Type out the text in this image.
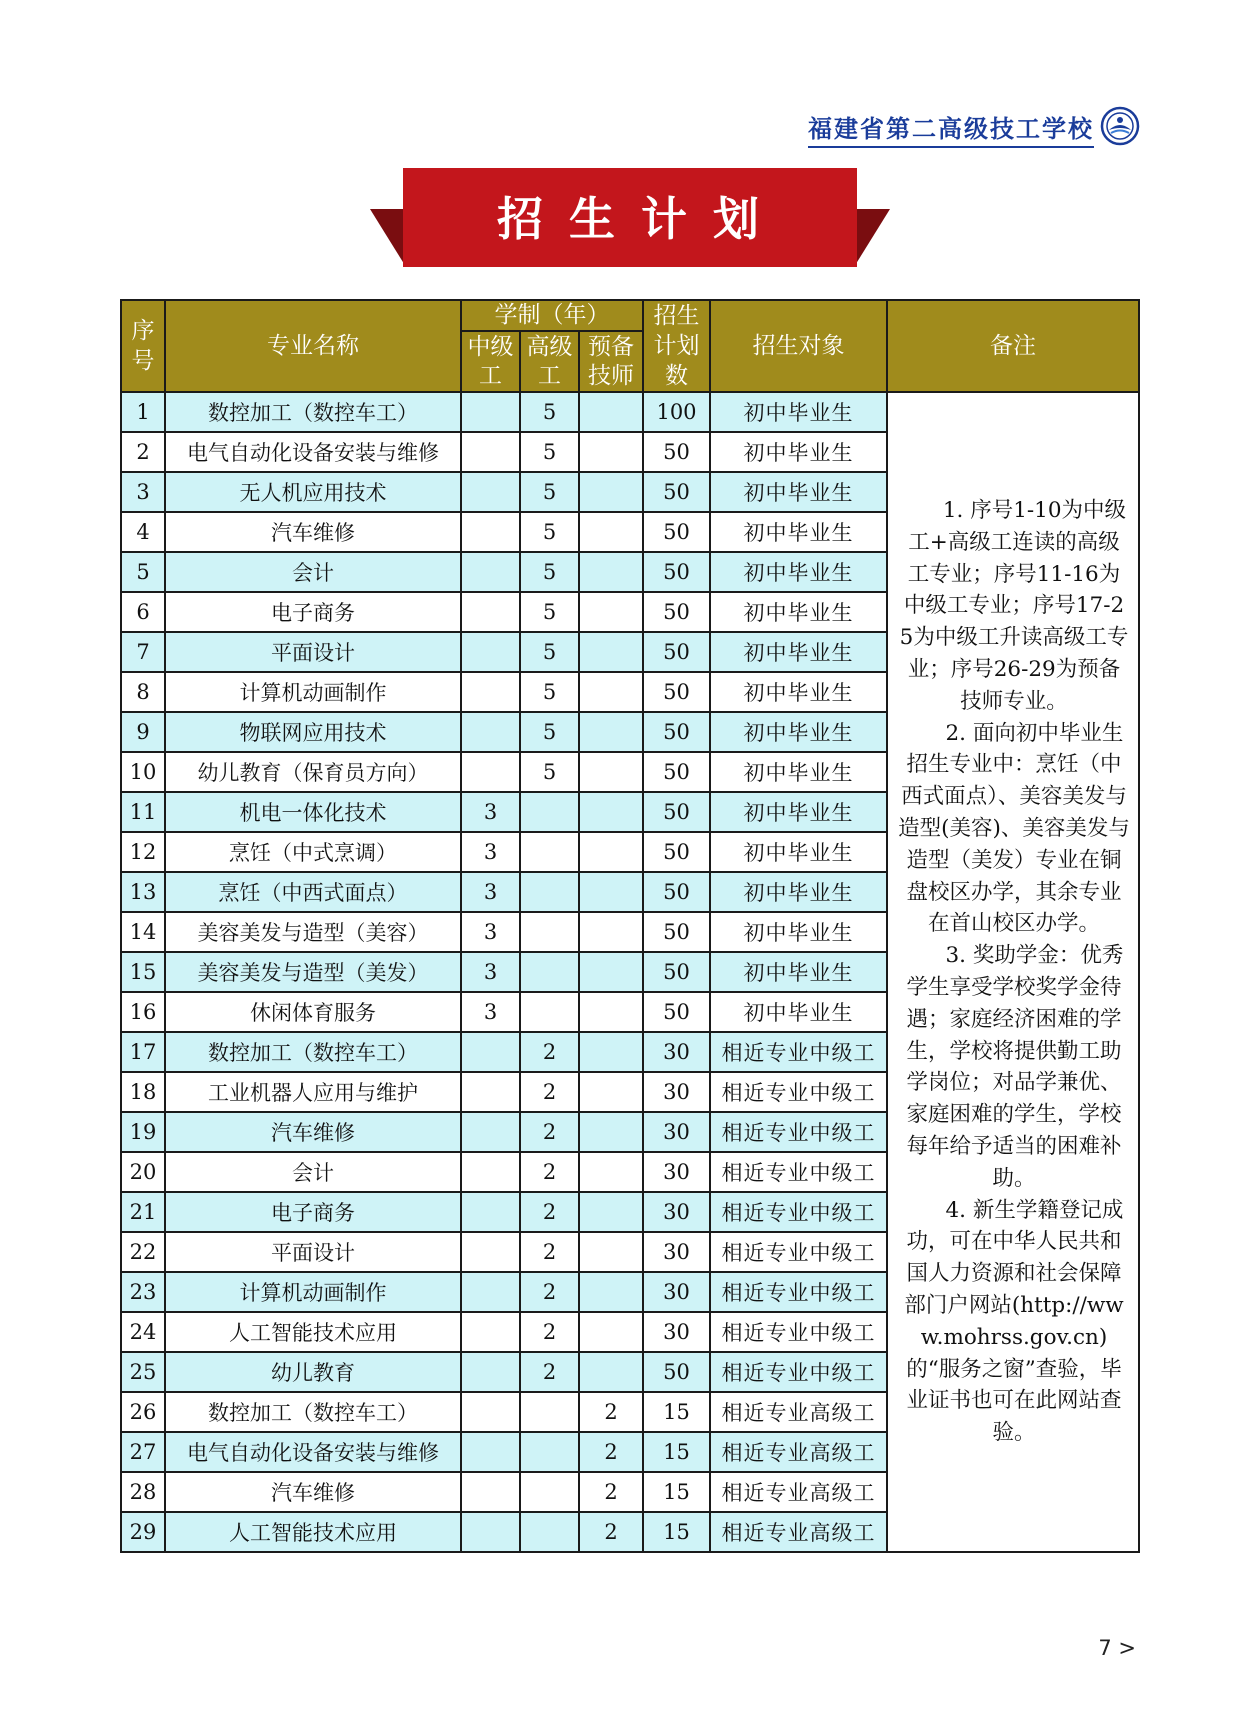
福建省第二高级技工学校
招生计划
序号	专业名称	学制（年）			招生计划数	招生对象	备注

		中级工	高级工	预备技师			

1	数控加工（数控车工）		5		100	初中毕业生	1. 序号1-10为中级工+高级工连读的高级工专业；序号11-16为中级工专业；序号17-25为中级工升读高级工专业；序号26-29为预备技师专业。

2. 面向初中毕业生招生专业中：烹饪（中西式面点）、美容美发与造型(美容)、美容美发与造型（美发）专业在铜盘校区办学，其余专业在首山校区办学。

3. 奖助学金：优秀学生享受学校奖学金待遇；家庭经济困难的学生，学校将提供勤工助学岗位；对品学兼优、家庭困难的学生，学校每年给予适当的困难补助。

4. 新生学籍登记成功，可在中华人民共和国人力资源和社会保障部门户网站(http://www.mohrss.gov.cn)的“服务之窗”查验，毕业证书也可在此网站查验。

2	电气自动化设备安装与维修		5		50	初中毕业生	
3	无人机应用技术		5		50	初中毕业生	
4	汽车维修		5		50	初中毕业生	
5	会计		5		50	初中毕业生	
6	电子商务		5		50	初中毕业生	
7	平面设计		5		50	初中毕业生	
8	计算机动画制作		5		50	初中毕业生	
9	物联网应用技术		5		50	初中毕业生	
10	幼儿教育（保育员方向）		5		50	初中毕业生	
11	机电一体化技术	3			50	初中毕业生	
12	烹饪（中式烹调）	3			50	初中毕业生	
13	烹饪（中西式面点）	3			50	初中毕业生	
14	美容美发与造型（美容）	3			50	初中毕业生	
15	美容美发与造型（美发）	3			50	初中毕业生	
16	休闲体育服务	3			50	初中毕业生	
17	数控加工（数控车工）		2		30	相近专业中级工	
18	工业机器人应用与维护		2		30	相近专业中级工	
19	汽车维修		2		30	相近专业中级工	
20	会计		2		30	相近专业中级工	
21	电子商务		2		30	相近专业中级工	
22	平面设计		2		30	相近专业中级工	
23	计算机动画制作		2		30	相近专业中级工	
24	人工智能技术应用		2		30	相近专业中级工	
25	幼儿教育		2		50	相近专业中级工	
26	数控加工（数控车工）			2	15	相近专业高级工	
27	电气自动化设备安装与维修			2	15	相近专业高级工	
28	汽车维修			2	15	相近专业高级工	
29	人工智能技术应用			2	15	相近专业高级工	
7 >
